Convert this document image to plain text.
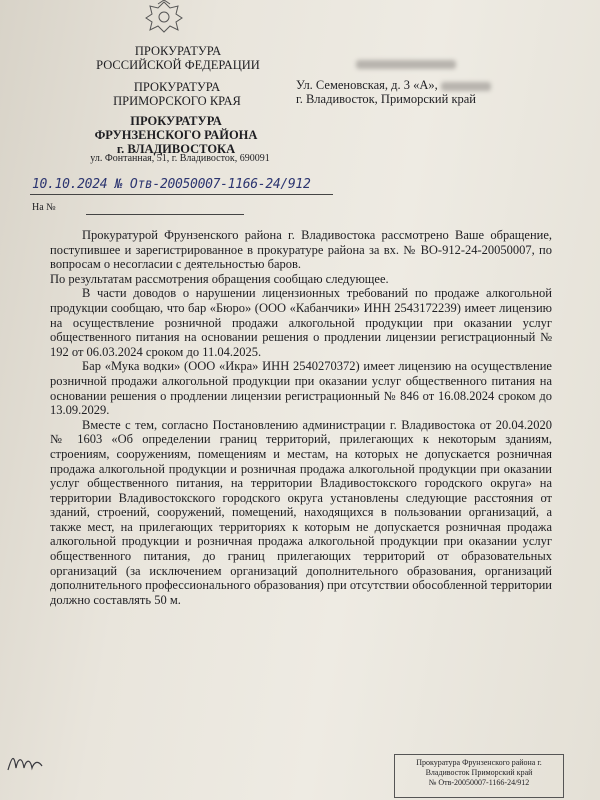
ПРОКУРАТУРА
РОССИЙСКОЙ ФЕДЕРАЦИИ
ПРОКУРАТУРА
ПРИМОРСКОГО КРАЯ
ПРОКУРАТУРА
ФРУНЗЕНСКОГО РАЙОНА
г. ВЛАДИВОСТОКА
ул. Фонтанная, 51, г. Владивосток, 690091
Ул. Семеновская, д. 3 «А»,
г. Владивосток, Приморский край
10.10.2024 № Отв-20050007-1166-24/912
На №

Прокуратурой Фрунзенского района г. Владивостока рассмотрено Ваше обращение, поступившее и зарегистрированное в прокуратуре района за вх. № ВО-912-24-20050007, по вопросам о несогласии с деятельностью баров.

По результатам рассмотрения обращения сообщаю следующее.

В части доводов о нарушении лицензионных требований по продаже алкогольной продукции сообщаю, что бар «Бюро» (ООО «Кабанчики» ИНН 2543172239) имеет лицензию на осуществление розничной продажи алкогольной продукции при оказании услуг общественного питания на основании решения о продлении лицензии регистрационный № 192 от 06.03.2024 сроком до 11.04.2025.

Бар «Мука водки» (ООО «Икра» ИНН 2540270372) имеет лицензию на осуществление розничной продажи алкогольной продукции при оказании услуг общественного питания на основании решения о продлении лицензии регистрационный № 846 от 16.08.2024 сроком до 13.09.2029.

Вместе с тем, согласно Постановлению администрации г. Владивостока от 20.04.2020 № 1603 «Об определении границ территорий, прилегающих к некоторым зданиям, строениям, сооружениям, помещениям и местам, на которых не допускается розничная продажа алкогольной продукции и розничная продажа алкогольной продукции при оказании услуг общественного питания, на территории Владивостокского городского округа» на территории Владивостокского городского округа установлены следующие расстояния от зданий, строений, сооружений, помещений, находящихся в пользовании организаций, а также мест, на прилегающих территориях к которым не допускается розничная продажа алкогольной продукции и розничная продажа алкогольной продукции при оказании услуг общественного питания, до границ прилегающих территорий от образовательных организаций (за исключением организаций дополнительного образования, организаций дополнительного профессионального образования) при отсутствии обособленной территории должно составлять 50 м.

Прокуратура Фрунзенского района г.
Владивосток Приморский край
№ Отв-20050007-1166-24/912
